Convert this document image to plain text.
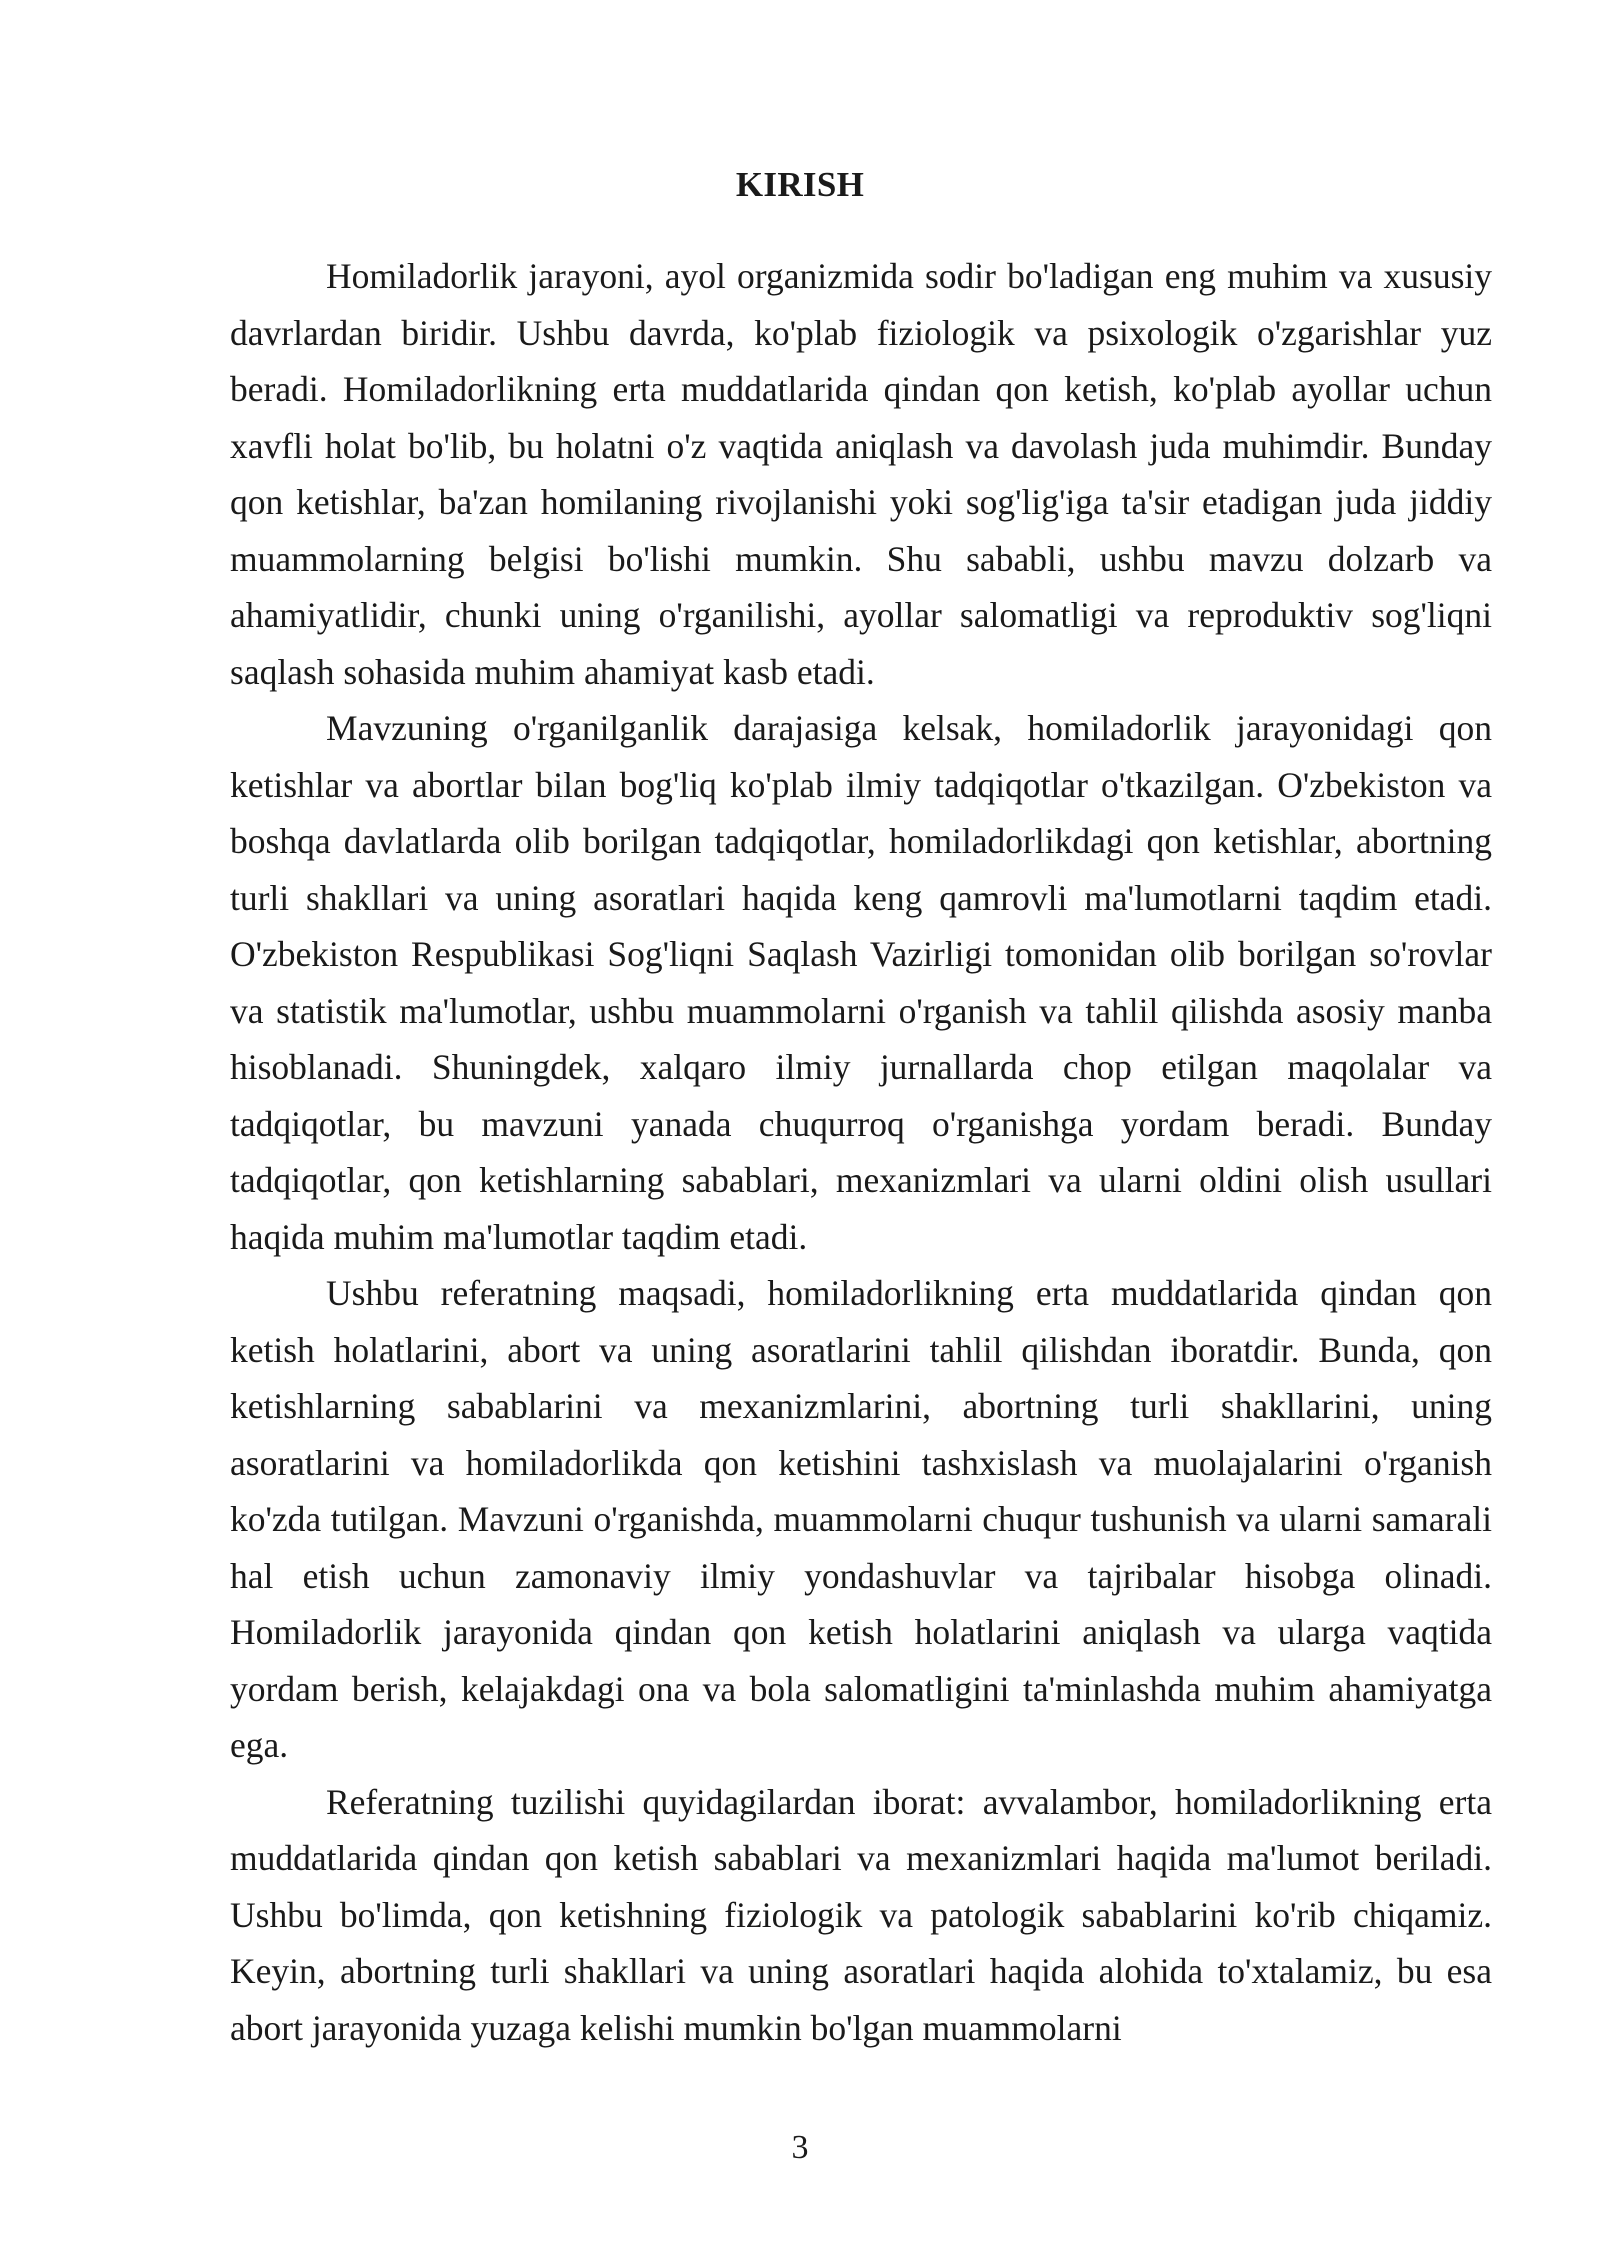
KIRISH

Homiladorlik jarayoni, ayol organizmida sodir bo'ladigan eng muhim va xususiy davrlardan biridir. Ushbu davrda, ko'plab fiziologik va psixologik o'zgarishlar yuz beradi. Homiladorlikning erta muddatlarida qindan qon ketish, ko'plab ayollar uchun xavfli holat bo'lib, bu holatni o'z vaqtida aniqlash va davolash juda muhimdir. Bunday qon ketishlar, ba'zan homilaning rivojlanishi yoki sog'lig'iga ta'sir etadigan juda jiddiy muammolarning belgisi bo'lishi mumkin. Shu sababli, ushbu mavzu dolzarb va ahamiyatlidir, chunki uning o'rganilishi, ayollar salomatligi va reproduktiv sog'liqni saqlash sohasida muhim ahamiyat kasb etadi.

Mavzuning o'rganilganlik darajasiga kelsak, homiladorlik jarayonidagi qon ketishlar va abortlar bilan bog'liq ko'plab ilmiy tadqiqotlar o'tkazilgan. O'zbekiston va boshqa davlatlarda olib borilgan tadqiqotlar, homiladorlikdagi qon ketishlar, abortning turli shakllari va uning asoratlari haqida keng qamrovli ma'lumotlarni taqdim etadi. O'zbekiston Respublikasi Sog'liqni Saqlash Vazirligi tomonidan olib borilgan so'rovlar va statistik ma'lumotlar, ushbu muammolarni o'rganish va tahlil qilishda asosiy manba hisoblanadi. Shuningdek, xalqaro ilmiy jurnallarda chop etilgan maqolalar va tadqiqotlar, bu mavzuni yanada chuqurroq o'rganishga yordam beradi. Bunday tadqiqotlar, qon ketishlarning sabablari, mexanizmlari va ularni oldini olish usullari haqida muhim ma'lumotlar taqdim etadi.

Ushbu referatning maqsadi, homiladorlikning erta muddatlarida qindan qon ketish holatlarini, abort va uning asoratlarini tahlil qilishdan iboratdir. Bunda, qon ketishlarning sabablarini va mexanizmlarini, abortning turli shakllarini, uning asoratlarini va homiladorlikda qon ketishini tashxislash va muolajalarini o'rganish ko'zda tutilgan. Mavzuni o'rganishda, muammolarni chuqur tushunish va ularni samarali hal etish uchun zamonaviy ilmiy yondashuvlar va tajribalar hisobga olinadi. Homiladorlik jarayonida qindan qon ketish holatlarini aniqlash va ularga vaqtida yordam berish, kelajakdagi ona va bola salomatligini ta'minlashda muhim ahamiyatga ega.

Referatning tuzilishi quyidagilardan iborat: avvalambor, homiladorlikning erta muddatlarida qindan qon ketish sabablari va mexanizmlari haqida ma'lumot beriladi. Ushbu bo'limda, qon ketishning fiziologik va patologik sabablarini ko'rib chiqamiz. Keyin, abortning turli shakllari va uning asoratlari haqida alohida to'xtalamiz, bu esa abort jarayonida yuzaga kelishi mumkin bo'lgan muammolarni

3
